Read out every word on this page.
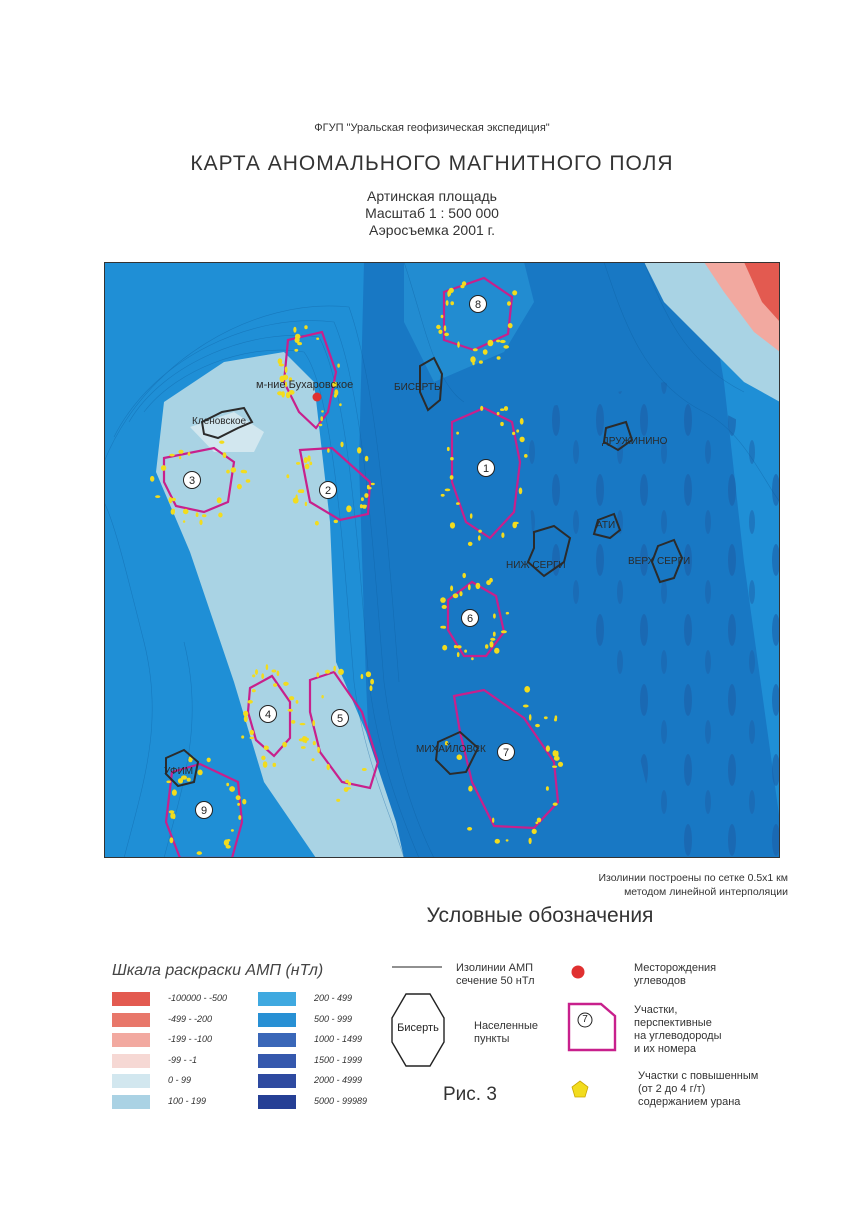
ФГУП "Уральская геофизическая экспедиция"
КАРТА АНОМАЛЬНОГО МАГНИТНОГО ПОЛЯ
Артинская площадь
Масштаб 1 : 500 000
Аэросъемка 2001 г.
м-ние Бухаровское
Кленовское
БИСЕРТЬ
ДРУЖИНИНО
АТИ
НИЖ СЕРГИ	ВЕРХ СЕРГИ
МИХАЙЛОВСК
УФИМ
1
2
3
4	5
6
7
8
9
Изолинии построены по сетке 0.5х1 км
методом линейной интерполяции
Условные обозначения
Шкала раскраски АМП (нТл)
-100000 - -500
-499 - -200
-199 - -100
-99 - -1
0 - 99
100 - 199
200 - 499
500 - 999
1000 - 1499
1500 - 1999
2000 - 4999
5000 - 99989
Изолинии АМП
сечение 50 нТл
Месторождения
углеводов
Бисерть	Населенные
пункты
7
Участки,
перспективные
на углеводороды
и их номера
Участки с повышенным
(от 2 до 4 г/т)
содержанием урана
Рис. 3
